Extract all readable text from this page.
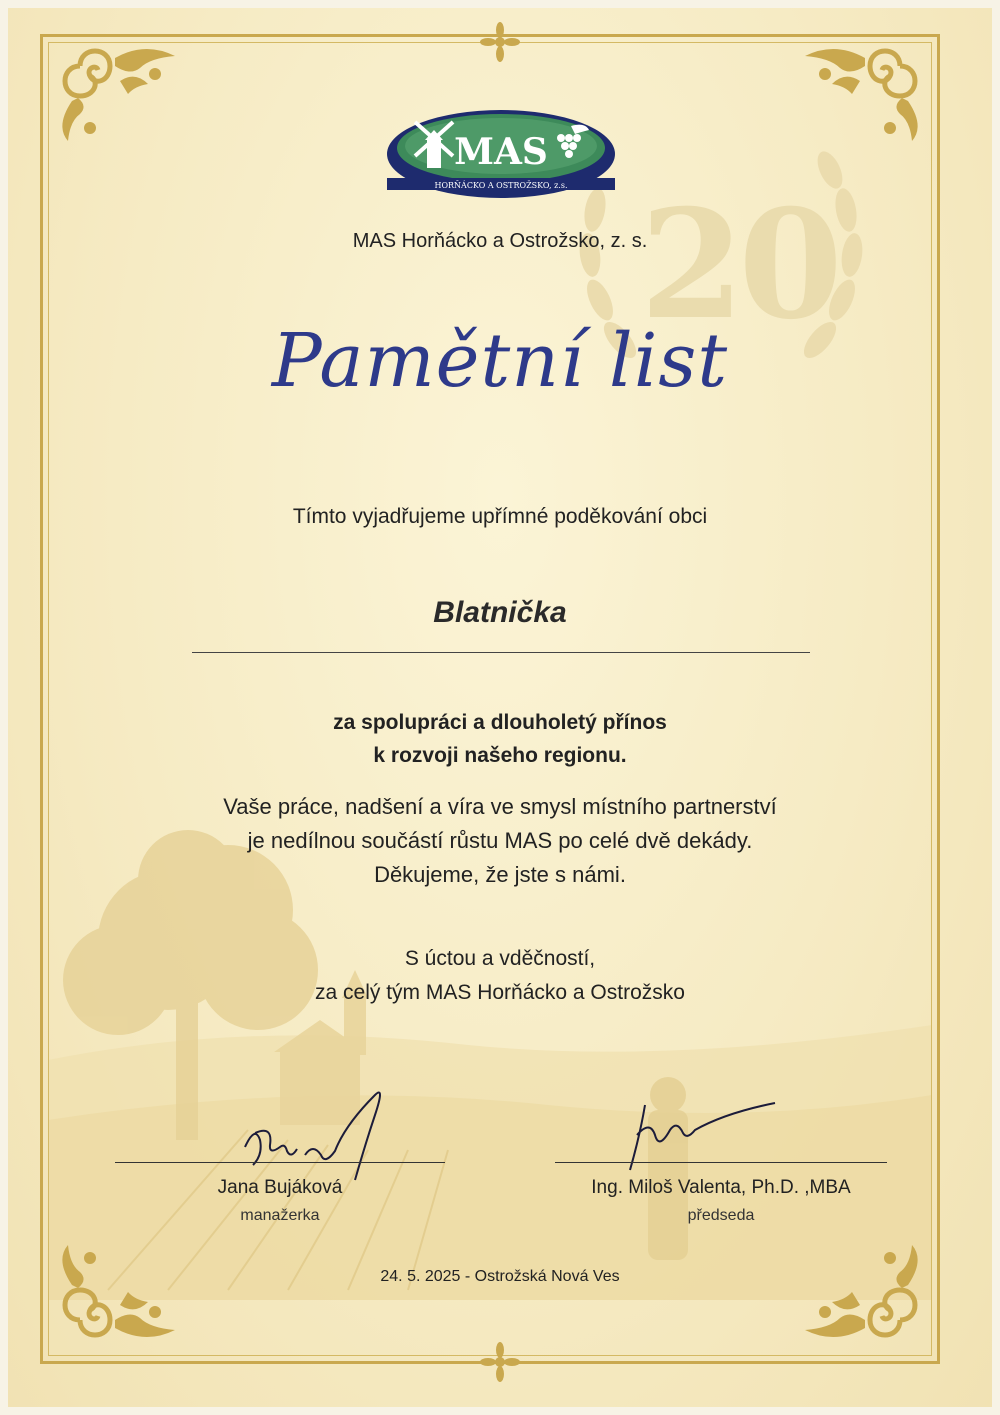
20
MAS
HORŇÁCKO A OSTROŽSKO, z.s.
MAS Horňácko a Ostrožsko, z. s.
Pamětní list
Tímto vyjadřujeme upřímné poděkování obci
Blatnička
za spolupráci a dlouholetý přínos
k rozvoji našeho regionu.
Vaše práce, nadšení a víra ve smysl místního partnerství
je nedílnou součástí růstu MAS po celé dvě dekády.
Děkujeme, že jste s námi.
S úctou a vděčností,
za celý tým MAS Horňácko a Ostrožsko
Jana Bujáková
manažerka
Ing. Miloš Valenta, Ph.D. ,MBA
předseda
24. 5. 2025 - Ostrožská Nová Ves
